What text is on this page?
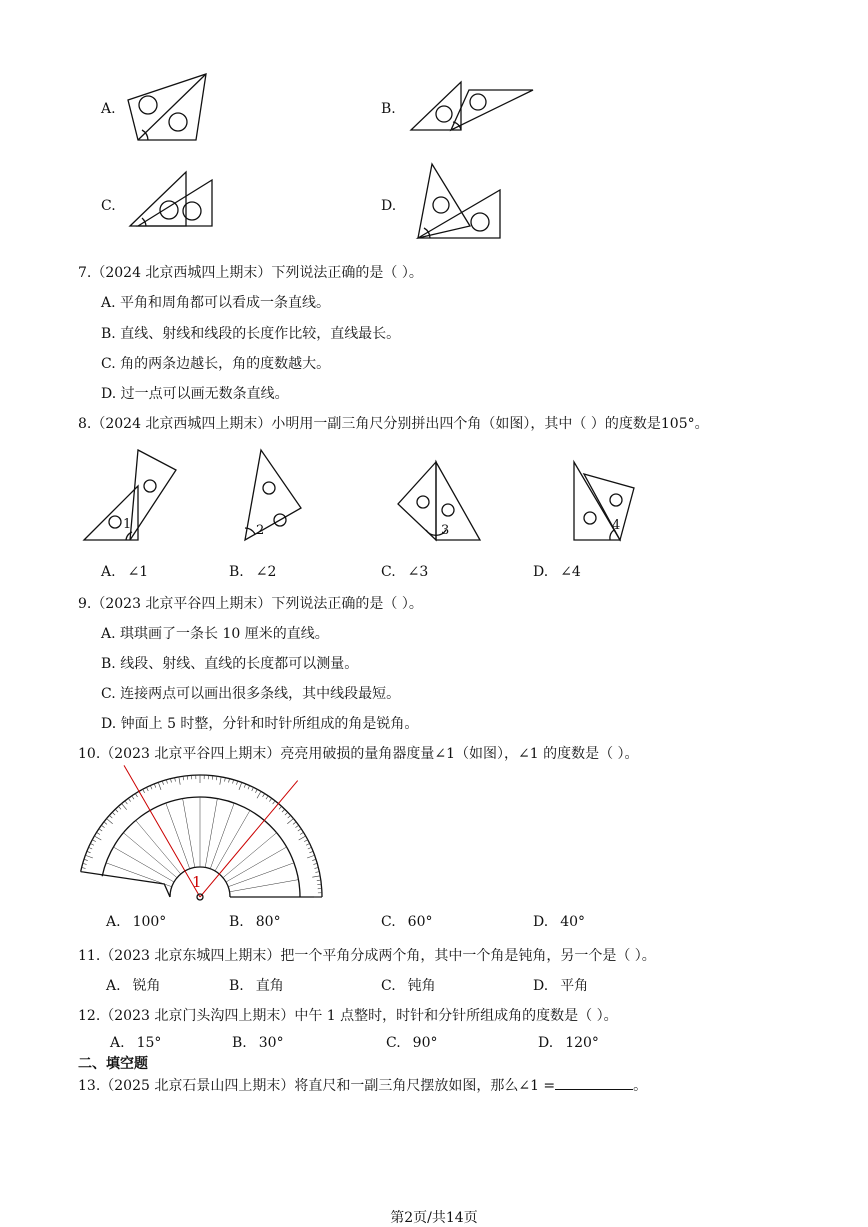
A.	B.
C.	D.
7.（2024 北京西城四上期末）下列说法正确的是（ ）。
A. 平角和周角都可以看成一条直线。
B. 直线、射线和线段的长度作比较，直线最长。
C. 角的两条边越长，角的度数越大。
D. 过一点可以画无数条直线。
8.（2024 北京西城四上期末）小明用一副三角尺分别拼出四个角（如图），其中（ ）的度数是105°。
1	2	3	4
A. ∠1	B. ∠2	C. ∠3	D. ∠4
9.（2023 北京平谷四上期末）下列说法正确的是（ ）。
A. 琪琪画了一条长 10 厘米的直线。
B. 线段、射线、直线的长度都可以测量。
C. 连接两点可以画出很多条线，其中线段最短。
D. 钟面上 5 时整，分针和时针所组成的角是锐角。
10.（2023 北京平谷四上期末）亮亮用破损的量角器度量∠1（如图），∠1 的度数是（ ）。
1
A. 100°	B. 80°	C. 60°	D. 40°
11.（2023 北京东城四上期末）把一个平角分成两个角，其中一个角是钝角，另一个是（ ）。
A. 锐角	B. 直角	C. 钝角	D. 平角
12.（2023 北京门头沟四上期末）中午 1 点整时，时针和分针所组成角的度数是（ ）。
A. 15°	B. 30°	C. 90°	D. 120°
二、填空题
13.（2025 北京石景山四上期末）将直尺和一副三角尺摆放如图，那么∠1 =	。
第2页/共14页
